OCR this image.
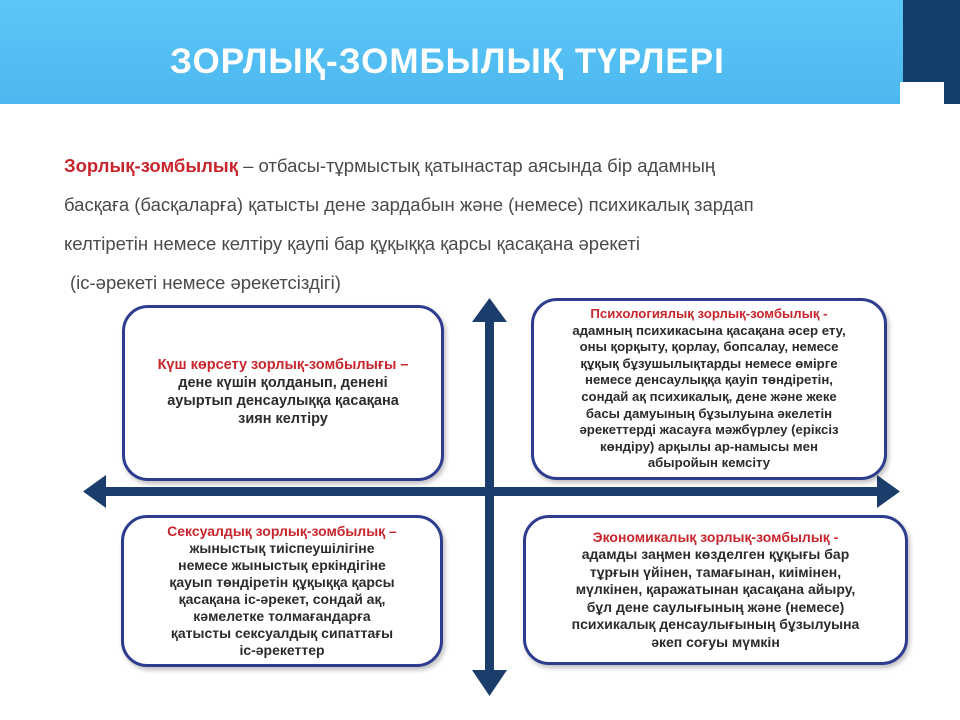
ЗОРЛЫҚ-ЗОМБЫЛЫҚ ТҮРЛЕРІ
Зорлық-зомбылық – отбасы-тұрмыстық қатынастар аясында бір адамның
басқаға (басқаларға) қатысты дене зардабын және (немесе) психикалық зардап
келтіретін немесе келтіру қаупі бар құқыққа қарсы қасақана әрекеті
(іс-әрекеті немесе әрекетсіздігі)
Күш көрсету зорлық-зомбылығы –
дене күшін қолданып, денені
ауыртып денсаулыққа қасақана
зиян келтіру
Психологиялық зорлық-зомбылық -
адамның психикасына қасақана әсер ету,
оны қорқыту, қорлау, бопсалау, немесе
құқық бұзушылықтарды немесе өмірге
немесе денсаулыққа қауіп төндіретін,
сондай ақ психикалық, дене және жеке
басы дамуының бұзылуына әкелетін
әрекеттерді жасауға мәжбүрлеу (еріксіз
көндіру) арқылы ар-намысы мен
абыройын кемсіту
Сексуалдық зорлық-зомбылық –
жыныстық тиіспеушілігіне
немесе жыныстық еркіндігіне
қауып төндіретін құқыққа қарсы
қасақана іс-әрекет, сондай ақ,
кәмелетке толмағандарға
қатысты сексуалдық сипаттағы
іс-әрекеттер
Экономикалық зорлық-зомбылық -
адамды заңмен көзделген құқығы бар
тұрғын үйінен, тамағынан, киімінен,
мүлкінен, қаражатынан қасақана айыру,
бұл дене саулығының және (немесе)
психикалық денсаулығының бұзылуына
әкеп соғуы мүмкін
